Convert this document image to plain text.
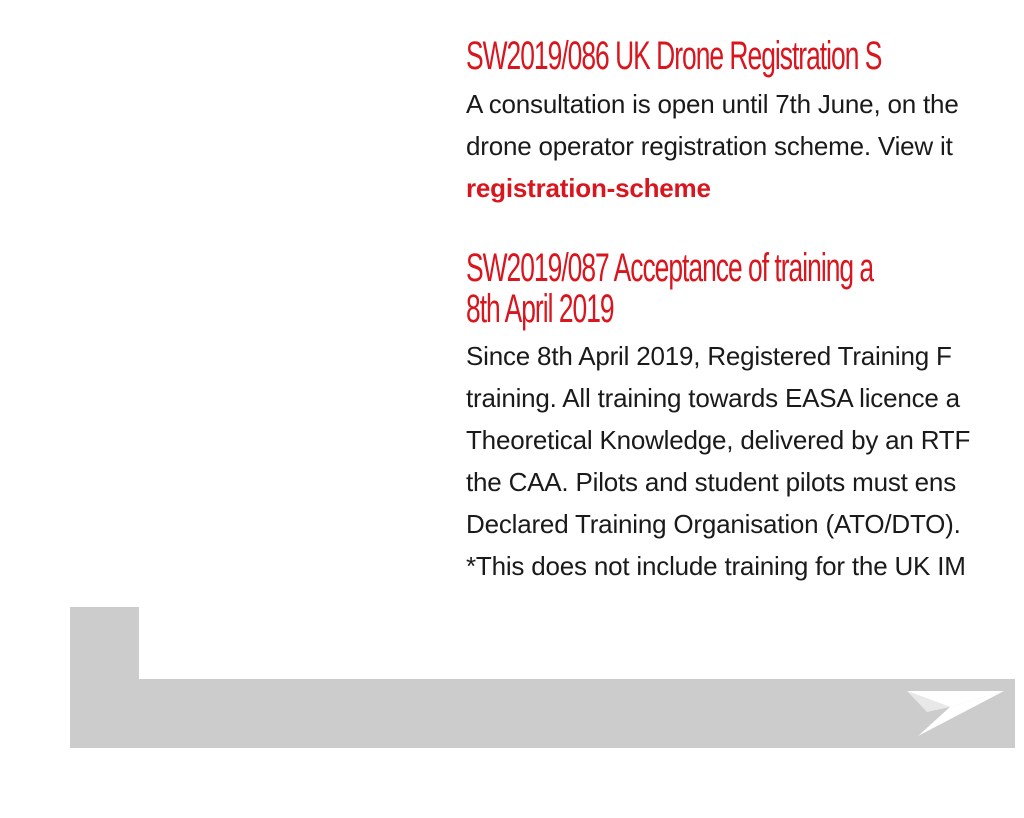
SW2019/086 UK Drone Registration S

A consultation is open until 7th June, on the
drone operator registration scheme. View it
registration-scheme

SW2019/087 Acceptance of training a
8th April 2019

Since 8th April 2019, Registered Training F
training. All training towards EASA licence a
Theoretical Knowledge, delivered by an RTF
the CAA. Pilots and student pilots must ens
Declared Training Organisation (ATO/DTO).
*This does not include training for the UK IM
